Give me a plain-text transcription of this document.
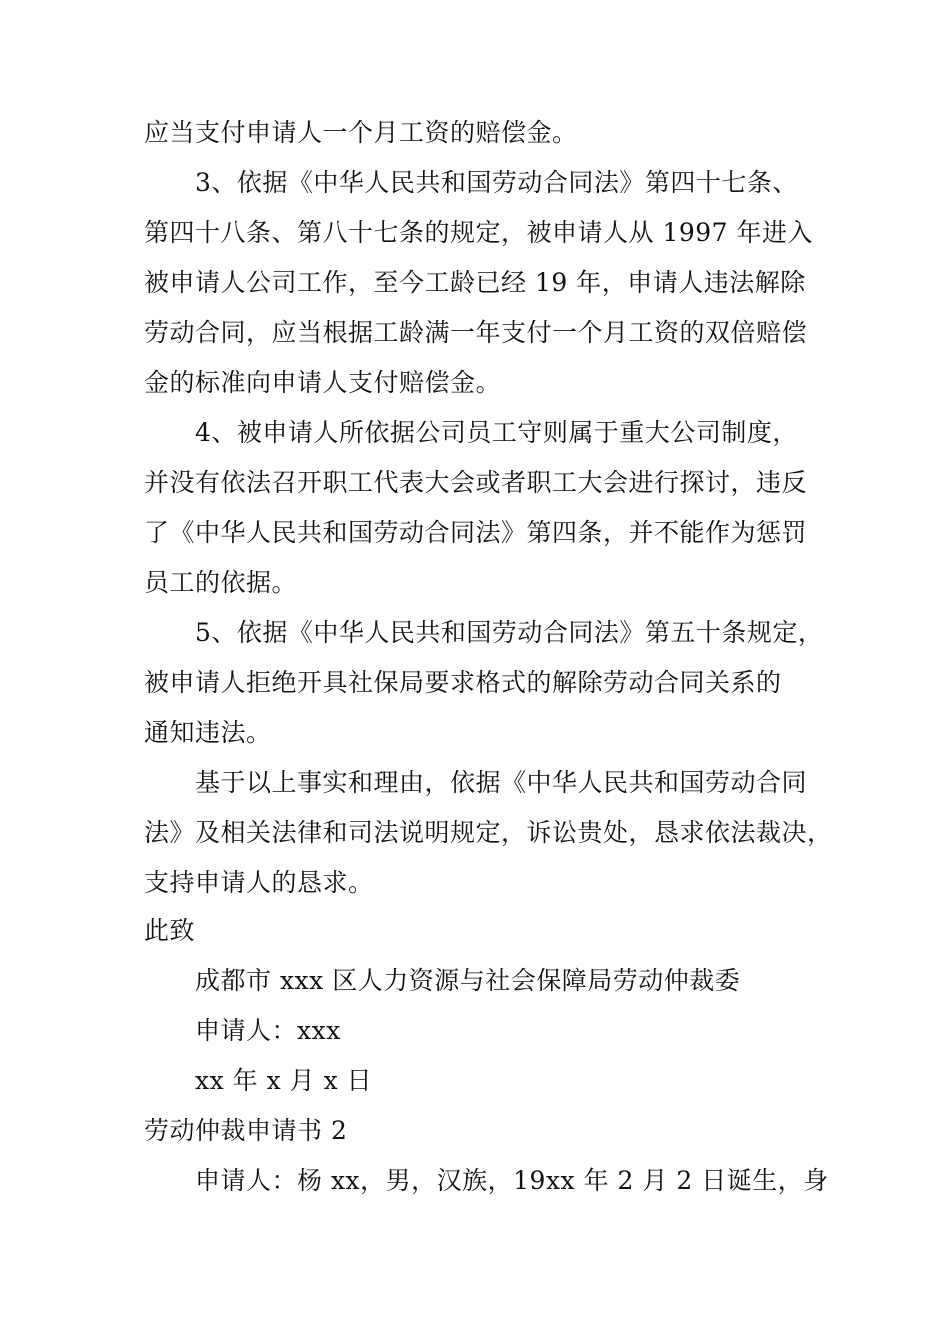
应当支付申请人一个月工资的赔偿金。
3、依据《中华人民共和国劳动合同法》第四十七条、
第四十八条、第八十七条的规定，被申请人从 1997 年进入
被申请人公司工作，至今工龄已经 19 年，申请人违法解除
劳动合同，应当根据工龄满一年支付一个月工资的双倍赔偿
金的标准向申请人支付赔偿金。
4、被申请人所依据公司员工守则属于重大公司制度，
并没有依法召开职工代表大会或者职工大会进行探讨，违反
了《中华人民共和国劳动合同法》第四条，并不能作为惩罚
员工的依据。
5、依据《中华人民共和国劳动合同法》第五十条规定，
被申请人拒绝开具社保局要求格式的解除劳动合同关系的
通知违法。
基于以上事实和理由，依据《中华人民共和国劳动合同
法》及相关法律和司法说明规定，诉讼贵处，恳求依法裁决，
支持申请人的恳求。
此致
成都市 xxx 区人力资源与社会保障局劳动仲裁委
申请人：xxx
xx 年 x 月 x 日
劳动仲裁申请书 2
申请人：杨 xx，男，汉族，19xx 年 2 月 2 日诞生，身
